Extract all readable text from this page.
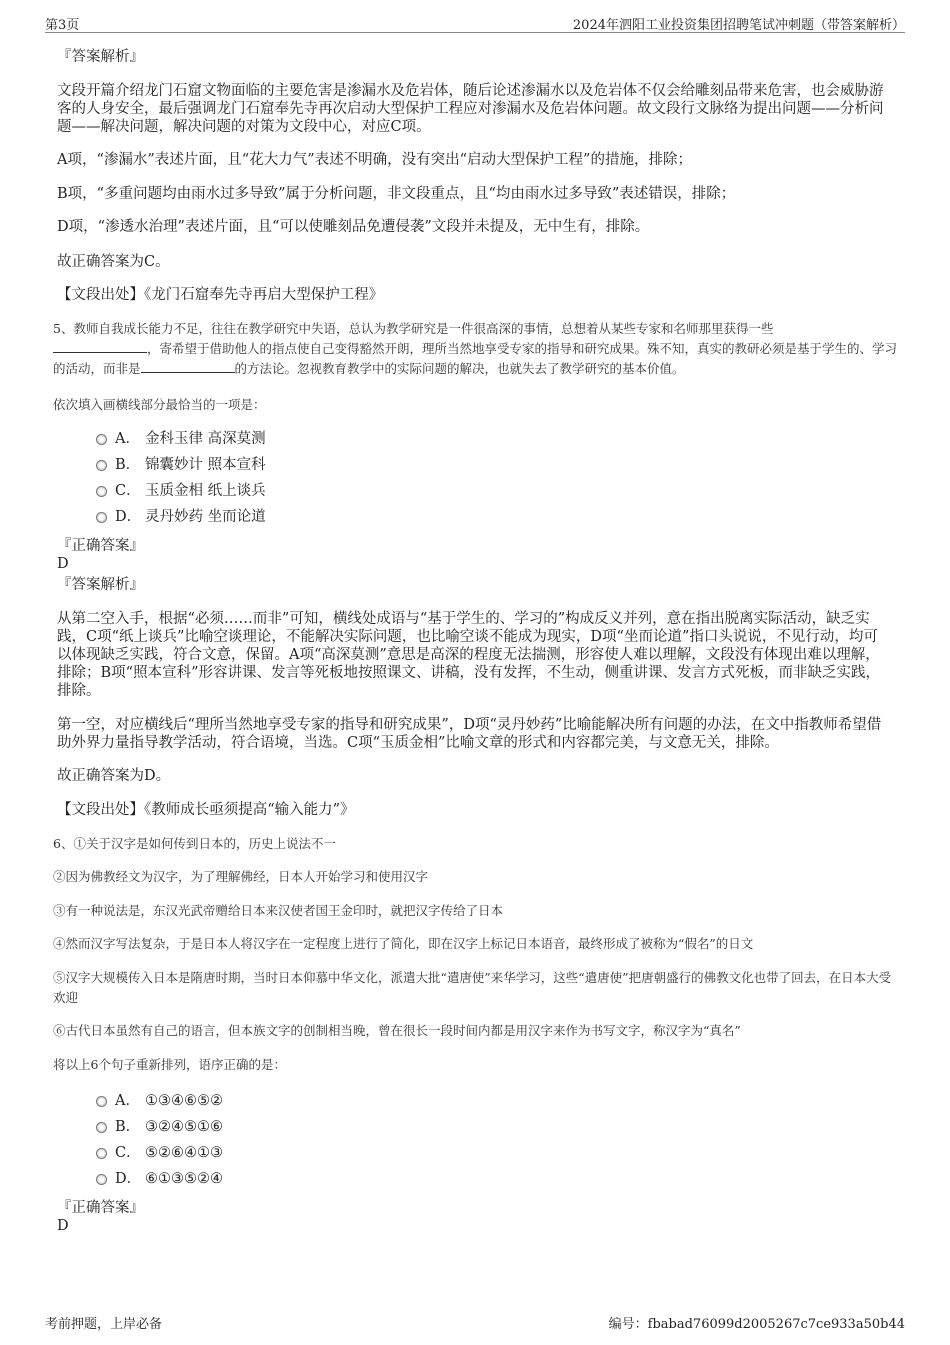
第3页	2024年泗阳工业投资集团招聘笔试冲刺题（带答案解析）
『答案解析』
文段开篇介绍龙门石窟文物面临的主要危害是渗漏水及危岩体，随后论述渗漏水以及危岩体不仅会给雕刻品带来危害，也会威胁游客的人身安全，最后强调龙门石窟奉先寺再次启动大型保护工程应对渗漏水及危岩体问题。故文段行文脉络为提出问题——分析问题——解决问题，解决问题的对策为文段中心，对应C项。
A项，“渗漏水”表述片面，且“花大力气”表述不明确，没有突出“启动大型保护工程”的措施，排除；
B项，“多重问题均由雨水过多导致”属于分析问题，非文段重点，且“均由雨水过多导致”表述错误，排除；
D项，“渗透水治理”表述片面，且“可以使雕刻品免遭侵袭”文段并未提及，无中生有，排除。
故正确答案为C。
【文段出处】《龙门石窟奉先寺再启大型保护工程》
5、教师自我成长能力不足，往往在教学研究中失语，总认为教学研究是一件很高深的事情，总想着从某些专家和名师那里获得一些
，寄希望于借助他人的指点使自己变得豁然开朗，理所当然地享受专家的指导和研究成果。殊不知，真实的教研必须是基于学生的、学习的活动，而非是	的方法论。忽视教育教学中的实际问题的解决，也就失去了教学研究的基本价值。
依次填入画横线部分最恰当的一项是：
A． 金科玉律 高深莫测
B． 锦囊妙计 照本宣科
C． 玉质金相 纸上谈兵
D． 灵丹妙药 坐而论道
『正确答案』
D
『答案解析』
从第二空入手，根据“必须……而非”可知，横线处成语与“基于学生的、学习的”构成反义并列，意在指出脱离实际活动，缺乏实践，C项“纸上谈兵”比喻空谈理论，不能解决实际问题，也比喻空谈不能成为现实，D项“坐而论道”指口头说说，不见行动，均可以体现缺乏实践，符合文意，保留。A项“高深莫测”意思是高深的程度无法揣测，形容使人难以理解，文段没有体现出难以理解，排除；B项“照本宣科”形容讲课、发言等死板地按照课文、讲稿，没有发挥，不生动，侧重讲课、发言方式死板，而非缺乏实践，排除。
第一空，对应横线后“理所当然地享受专家的指导和研究成果”，D项“灵丹妙药”比喻能解决所有问题的办法，在文中指教师希望借助外界力量指导教学活动，符合语境，当选。C项“玉质金相”比喻文章的形式和内容都完美，与文意无关，排除。
故正确答案为D。
【文段出处】《教师成长亟须提高“输入能力”》
6、①关于汉字是如何传到日本的，历史上说法不一
②因为佛教经文为汉字，为了理解佛经，日本人开始学习和使用汉字
③有一种说法是，东汉光武帝赠给日本来汉使者国王金印时，就把汉字传给了日本
④然而汉字写法复杂，于是日本人将汉字在一定程度上进行了简化，即在汉字上标记日本语音，最终形成了被称为“假名”的日文
⑤汉字大规模传入日本是隋唐时期，当时日本仰慕中华文化，派遣大批“遣唐使”来华学习，这些“遣唐使”把唐朝盛行的佛教文化也带了回去，在日本大受欢迎
⑥古代日本虽然有自己的语言，但本族文字的创制相当晚，曾在很长一段时间内都是用汉字来作为书写文字，称汉字为“真名”
将以上6个句子重新排列，语序正确的是：
A． ①③④⑥⑤②
B． ③②④⑤①⑥
C． ⑤②⑥④①③
D． ⑥①③⑤②④
『正确答案』
D
考前押题，上岸必备	编号：fbabad76099d2005267c7ce933a50b44
